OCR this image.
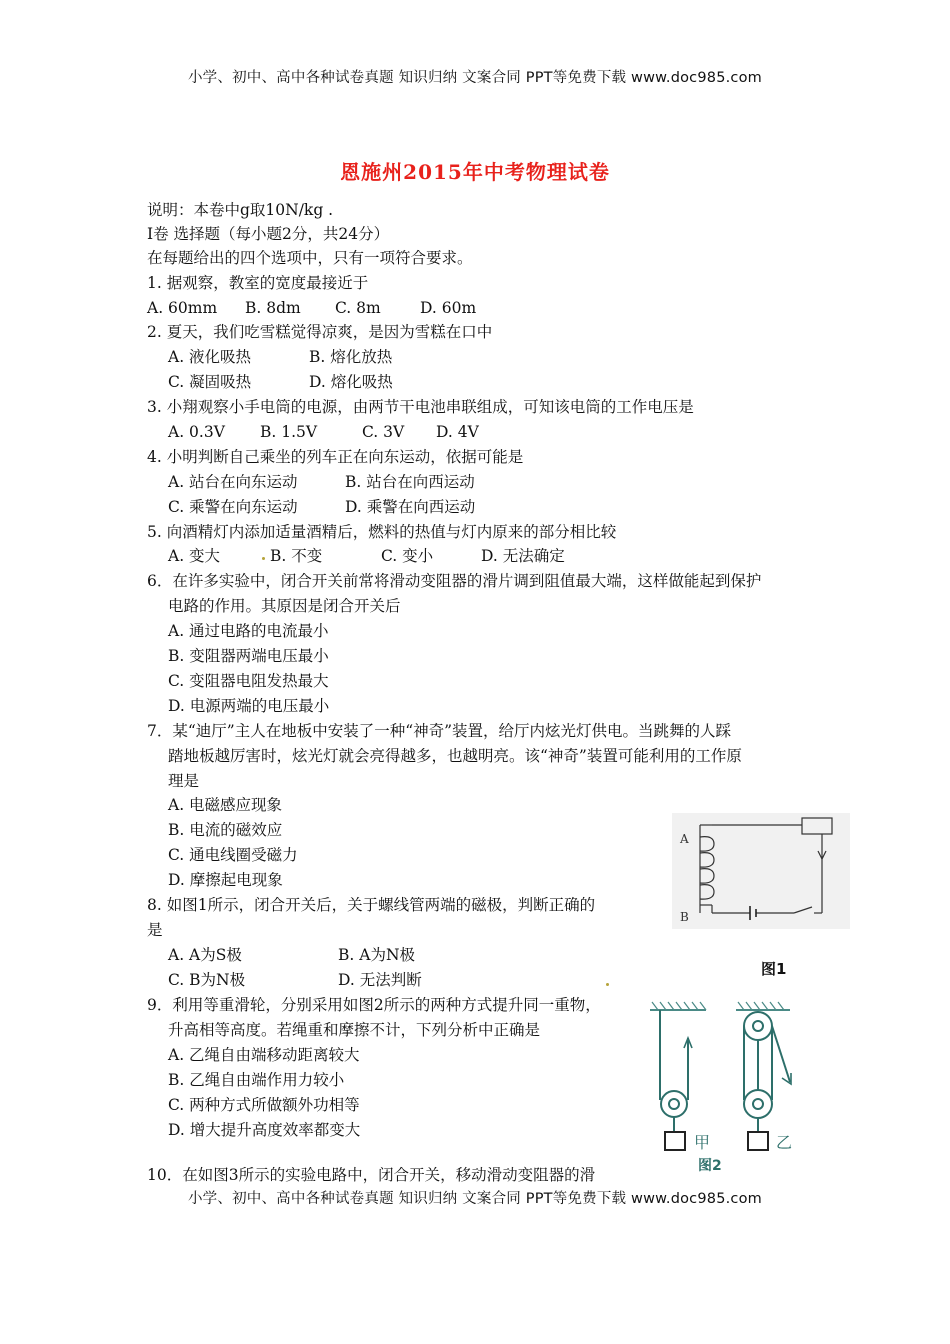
小学、初中、高中各种试卷真题 知识归纳 文案合同 PPT等免费下载 www.doc985.com
恩施州2015年中考物理试卷
说明：本卷中g取10N/kg .
Ⅰ卷 选择题（每小题2分，共24分）
在每题给出的四个选项中，只有一项符合要求。
1. 据观察，教室的宽度最接近于
A. 60mm B. 8dm C. 8m	D. 60m
2. 夏天，我们吃雪糕觉得凉爽，是因为雪糕在口中
A. 液化吸热	B. 熔化放热
C. 凝固吸热	D. 熔化吸热
3. 小翔观察小手电筒的电源，由两节干电池串联组成，可知该电筒的工作电压是
A. 0.3V B. 1.5V	C. 3V D. 4V
4. 小明判断自己乘坐的列车正在向东运动，依据可能是
A. 站台在向东运动	B. 站台在向西运动
C. 乘警在向东运动	D. 乘警在向西运动
5. 向酒精灯内添加适量酒精后，燃料的热值与灯内原来的部分相比较
A. 变大	B. 不变	C. 变小	D. 无法确定
6．在许多实验中，闭合开关前常将滑动变阻器的滑片调到阻值最大端，这样做能起到保护
电路的作用。其原因是闭合开关后
A. 通过电路的电流最小
B. 变阻器两端电压最小
C. 变阻器电阻发热最大
D. 电源两端的电压最小
7．某“迪厅”主人在地板中安装了一种“神奇”装置，给厅内炫光灯供电。当跳舞的人踩
踏地板越厉害时，炫光灯就会亮得越多，也越明亮。该“神奇”装置可能利用的工作原
理是
A. 电磁感应现象
B. 电流的磁效应
C. 通电线圈受磁力
D. 摩擦起电现象
8. 如图1所示，闭合开关后，关于螺线管两端的磁极，判断正确的
是
A. A为S极	B. A为N极
C. B为N极	D. 无法判断
9．利用等重滑轮，分别采用如图2所示的两种方式提升同一重物，
升高相等高度。若绳重和摩擦不计，下列分析中正确是
A. 乙绳自由端移动距离较大
B. 乙绳自由端作用力较小
C. 两种方式所做额外功相等
D. 增大提升高度效率都变大
10．在如图3所示的实验电路中，闭合开关，移动滑动变阻器的滑
A
B
图1
甲	乙
图2
小学、初中、高中各种试卷真题 知识归纳 文案合同 PPT等免费下载 www.doc985.com
